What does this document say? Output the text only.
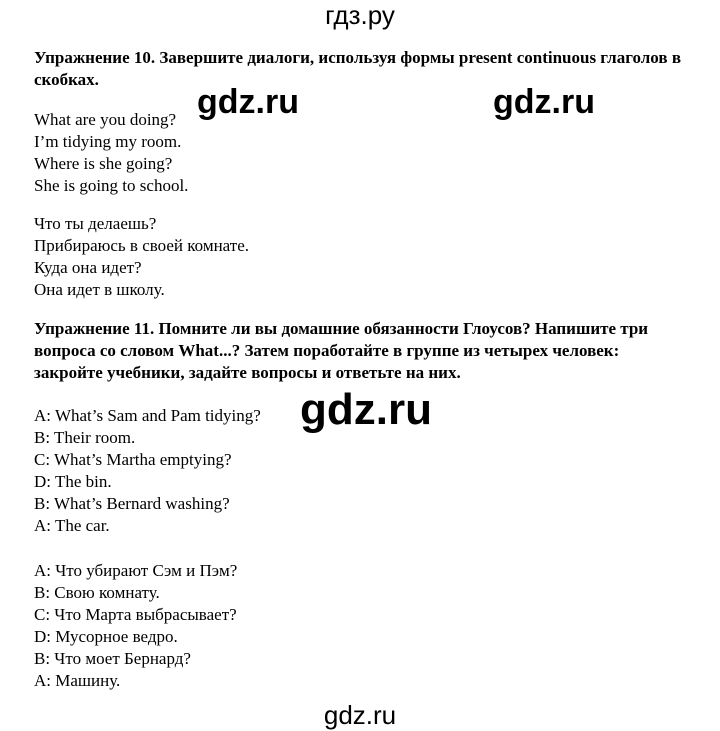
гдз.ру
Упражнение 10. Завершите диалоги, используя формы present continuous глаголов в скобках.
What are you doing?
I’m tidying my room.
Where is she going?
She is going to school.
Что ты делаешь?
Прибираюсь в своей комнате.
Куда она идет?
Она идет в школу.
Упражнение 11. Помните ли вы домашние обязанности Глоусов? Напишите три вопроса со словом What...? Затем поработайте в группе из четырех человек: закройте учебники, задайте вопросы и ответьте на них.
A: What’s Sam and Pam tidying?
B: Their room.
C: What’s Martha emptying?
D: The bin.
B: What’s Bernard washing?
A: The car.
A: Что убирают Сэм и Пэм?
B: Свою комнату.
C: Что Марта выбрасывает?
D: Мусорное ведро.
B: Что моет Бернард?
A: Машину.
gdz.ru	gdz.ru
gdz.ru
gdz.ru
